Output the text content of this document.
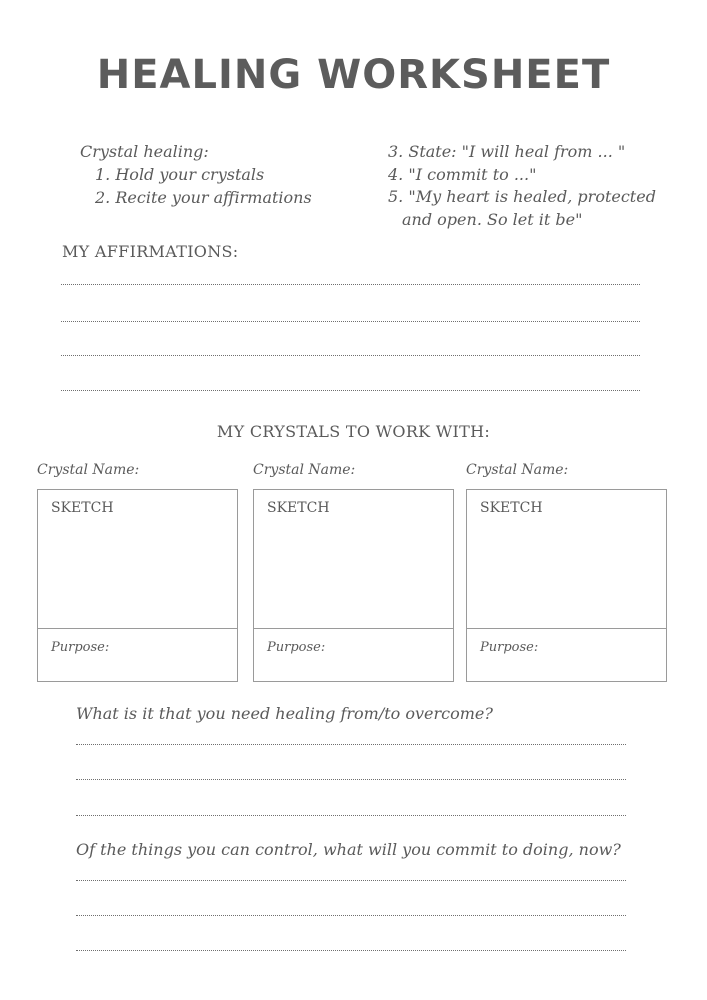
HEALING WORKSHEET
Crystal healing:
1. Hold your crystals
2. Recite your affirmations
3. State: "I will heal from ... "
4. "I commit to ..."
5. "My heart is healed, protected
and open. So let it be"
MY AFFIRMATIONS:
MY CRYSTALS TO WORK WITH:
Crystal Name:	Crystal Name:	Crystal Name:
SKETCH
Purpose:
SKETCH
Purpose:
SKETCH
Purpose:
What is it that you need healing from/to overcome?
Of the things you can control, what will you commit to doing, now?
